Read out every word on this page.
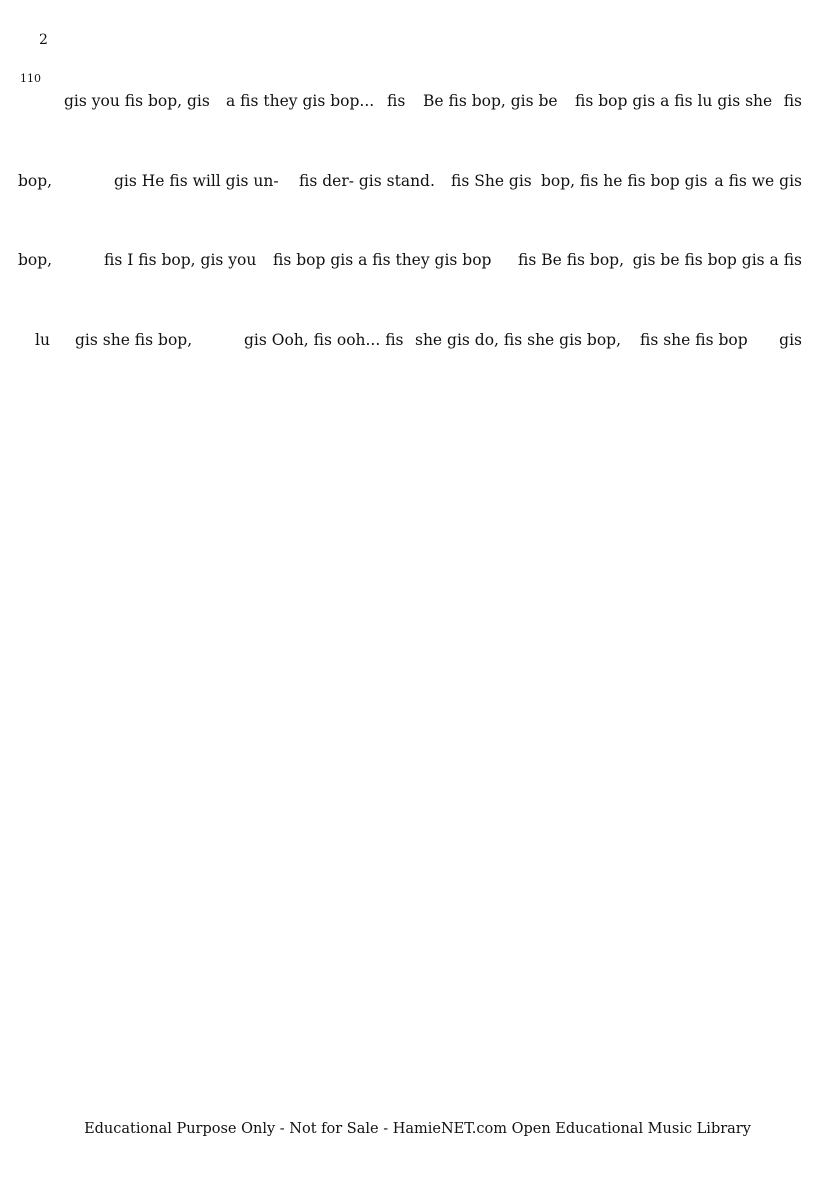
2
110
gis you fis bop, gis a fis they gis bop... fis Be fis bop, gis be fis bop gis a fis lu gis she fis
bop,	gis He fis will gis un- fis der- gis stand. fis She gis bop, fis he fis bop gis a fis we gis
bop,	fis I fis bop, gis you fis bop gis a fis they gis bop fis Be fis bop, gis be fis bop gis a fis
lu gis she fis bop,	gis Ooh, fis ooh... fis she gis do, fis she gis bop, fis she fis bop gis
Educational Purpose Only - Not for Sale - HamieNET.com Open Educational Music Library
